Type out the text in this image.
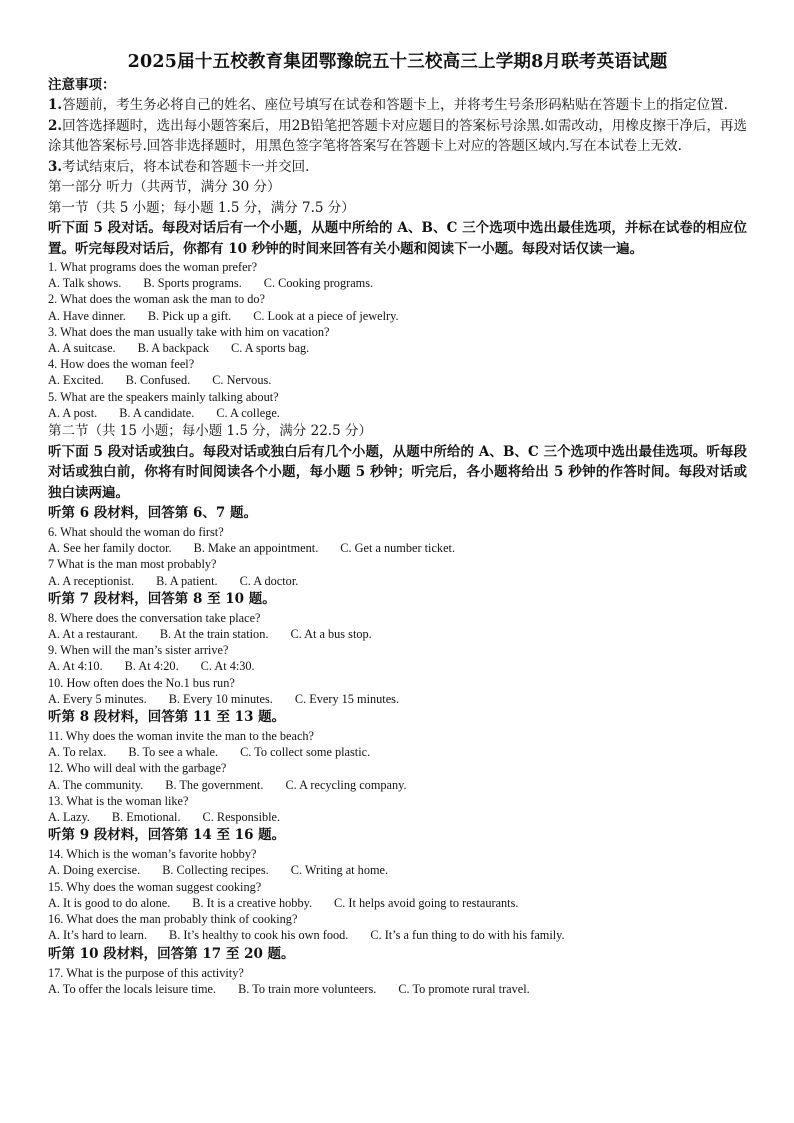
2025届十五校教育集团鄂豫皖五十三校高三上学期8月联考英语试题
注意事项：
1.答题前，考生务必将自己的姓名、座位号填写在试卷和答题卡上，并将考生号条形码粘贴在答题卡上的指定位置.
2.回答选择题时，选出每小题答案后，用2B铅笔把答题卡对应题目的答案标号涂黑.如需改动，用橡皮擦干净后，再选涂其他答案标号.回答非选择题时，用黑色签字笔将答案写在答题卡上对应的答题区域内.写在本试卷上无效.
3.考试结束后，将本试卷和答题卡一并交回.
第一部分 听力（共两节，满分 30 分）
第一节（共 5 小题；每小题 1.5 分，满分 7.5 分）
听下面 5 段对话。每段对话后有一个小题，从题中所给的 A、B、C 三个选项中选出最佳选项，并标在试卷的相应位置。听完每段对话后，你都有 10 秒钟的时间来回答有关小题和阅读下一小题。每段对话仅读一遍。
1. What programs does the woman prefer?
A. Talk shows. B. Sports programs. C. Cooking programs.
2. What does the woman ask the man to do?
A. Have dinner. B. Pick up a gift. C. Look at a piece of jewelry.
3. What does the man usually take with him on vacation?
A. A suitcase. B. A backpack C. A sports bag.
4. How does the woman feel?
A. Excited. B. Confused. C. Nervous.
5. What are the speakers mainly talking about?
A. A post. B. A candidate. C. A college.
第二节（共 15 小题；每小题 1.5 分，满分 22.5 分）
听下面 5 段对话或独白。每段对话或独白后有几个小题，从题中所给的 A、B、C 三个选项中选出最佳选项。听每段对话或独白前，你将有时间阅读各个小题，每小题 5 秒钟；听完后，各小题将给出 5 秒钟的作答时间。每段对话或独白读两遍。
听第 6 段材料，回答第 6、7 题。
6. What should the woman do first?
A. See her family doctor. B. Make an appointment. C. Get a number ticket.
7 What is the man most probably?
A. A receptionist. B. A patient. C. A doctor.
听第 7 段材料，回答第 8 至 10 题。
8. Where does the conversation take place?
A. At a restaurant. B. At the train station. C. At a bus stop.
9. When will the man’s sister arrive?
A. At 4:10. B. At 4:20. C. At 4:30.
10. How often does the No.1 bus run?
A. Every 5 minutes. B. Every 10 minutes. C. Every 15 minutes.
听第 8 段材料，回答第 11 至 13 题。
11. Why does the woman invite the man to the beach?
A. To relax. B. To see a whale. C. To collect some plastic.
12. Who will deal with the garbage?
A. The community. B. The government. C. A recycling company.
13. What is the woman like?
A. Lazy. B. Emotional. C. Responsible.
听第 9 段材料，回答第 14 至 16 题。
14. Which is the woman’s favorite hobby?
A. Doing exercise. B. Collecting recipes. C. Writing at home.
15. Why does the woman suggest cooking?
A. It is good to do alone. B. It is a creative hobby. C. It helps avoid going to restaurants.
16. What does the man probably think of cooking?
A. It’s hard to learn. B. It’s healthy to cook his own food. C. It’s a fun thing to do with his family.
听第 10 段材料，回答第 17 至 20 题。
17. What is the purpose of this activity?
A. To offer the locals leisure time. B. To train more volunteers. C. To promote rural travel.
